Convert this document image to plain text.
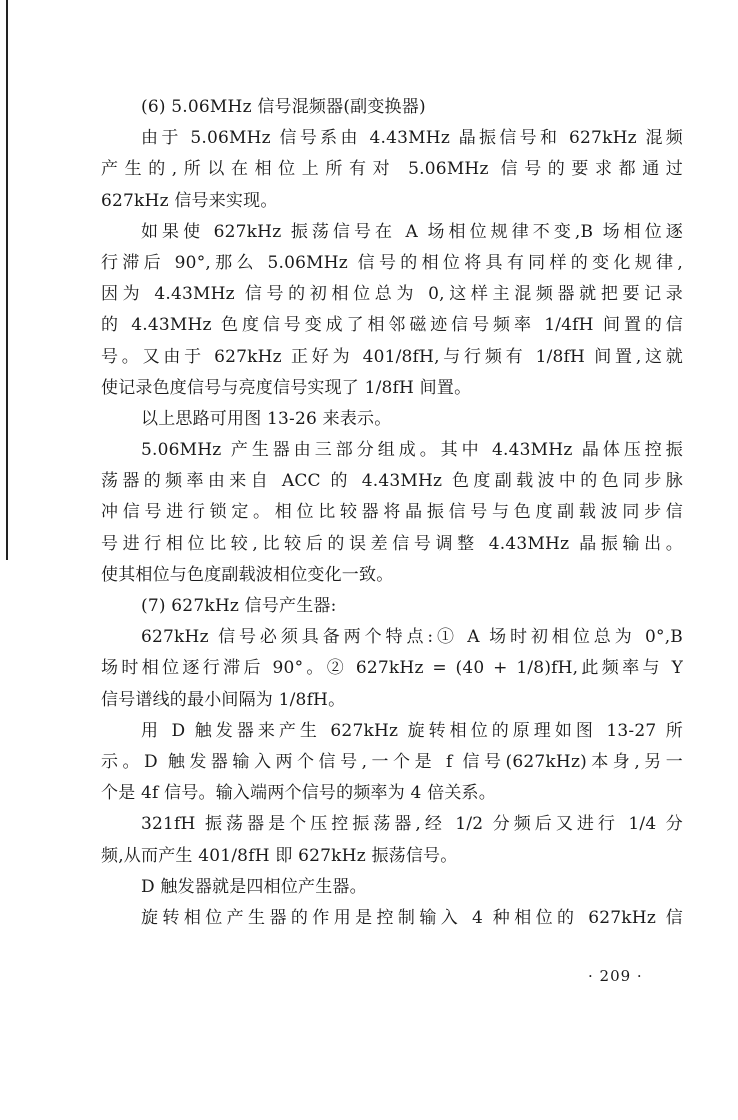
(6) 5.06MHz 信号混频器(副变换器)
由于 5.06MHz 信号系由 4.43MHz 晶振信号和 627kHz 混频
产生的,所以在相位上所有对 5.06MHz 信号的要求都通过
627kHz 信号来实现。
如果使 627kHz 振荡信号在 A 场相位规律不变,B 场相位逐
行滞后 90°,那么 5.06MHz 信号的相位将具有同样的变化规律,
因为 4.43MHz 信号的初相位总为 0,这样主混频器就把要记录
的 4.43MHz 色度信号变成了相邻磁迹信号频率 1/4fH 间置的信
号。又由于 627kHz 正好为 401/8fH,与行频有 1/8fH 间置,这就
使记录色度信号与亮度信号实现了 1/8fH 间置。
以上思路可用图 13-26 来表示。
5.06MHz 产生器由三部分组成。其中 4.43MHz 晶体压控振
荡器的频率由来自 ACC 的 4.43MHz 色度副载波中的色同步脉
冲信号进行锁定。相位比较器将晶振信号与色度副载波同步信
号进行相位比较,比较后的误差信号调整 4.43MHz 晶振输出。
使其相位与色度副载波相位变化一致。
(7) 627kHz 信号产生器:
627kHz 信号必须具备两个特点:① A 场时初相位总为 0°,B
场时相位逐行滞后 90°。② 627kHz = (40 + 1/8)fH,此频率与 Y
信号谱线的最小间隔为 1/8fH。
用 D 触发器来产生 627kHz 旋转相位的原理如图 13-27 所
示。D 触发器输入两个信号,一个是 f 信号(627kHz)本身,另一
个是 4f 信号。输入端两个信号的频率为 4 倍关系。
321fH 振荡器是个压控振荡器,经 1/2 分频后又进行 1/4 分
频,从而产生 401/8fH 即 627kHz 振荡信号。
D 触发器就是四相位产生器。
旋转相位产生器的作用是控制输入 4 种相位的 627kHz 信
· 209 ·
